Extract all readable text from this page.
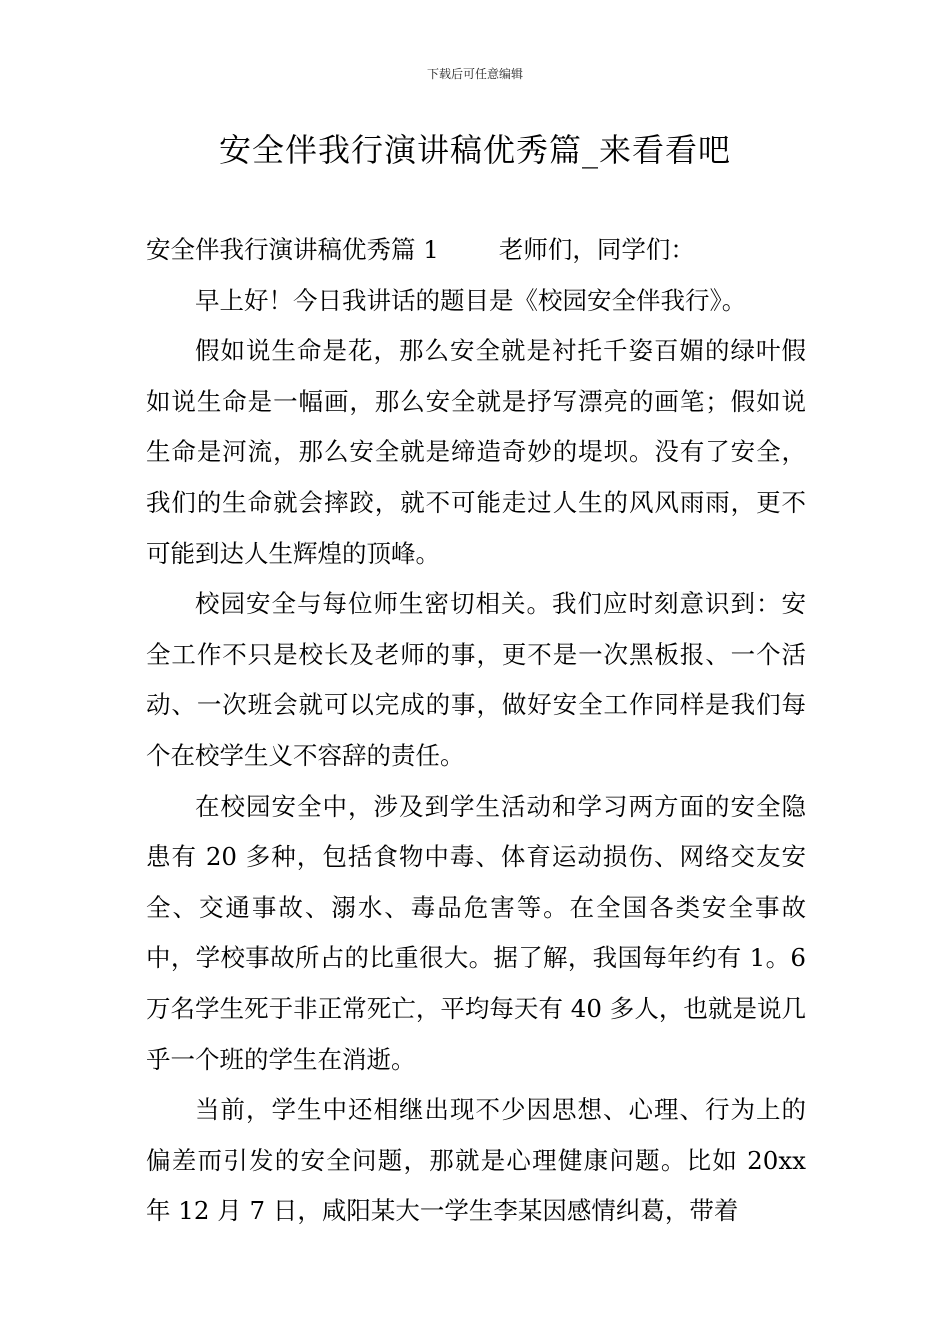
下载后可任意编辑
安全伴我行演讲稿优秀篇_来看看吧

安全伴我行演讲稿优秀篇 1 老师们，同学们：

早上好！今日我讲话的题目是《校园安全伴我行》。

假如说生命是花，那么安全就是衬托千姿百媚的绿叶假如说生命是一幅画，那么安全就是抒写漂亮的画笔；假如说生命是河流，那么安全就是缔造奇妙的堤坝。没有了安全，我们的生命就会摔跤，就不可能走过人生的风风雨雨，更不可能到达人生辉煌的顶峰。

校园安全与每位师生密切相关。我们应时刻意识到：安全工作不只是校长及老师的事，更不是一次黑板报、一个活动、一次班会就可以完成的事，做好安全工作同样是我们每个在校学生义不容辞的责任。

在校园安全中，涉及到学生活动和学习两方面的安全隐患有 20 多种，包括食物中毒、体育运动损伤、网络交友安全、交通事故、溺水、毒品危害等。在全国各类安全事故中，学校事故所占的比重很大。据了解，我国每年约有 1。6 万名学生死于非正常死亡，平均每天有 40 多人，也就是说几乎一个班的学生在消逝。

当前，学生中还相继出现不少因思想、心理、行为上的偏差而引发的安全问题，那就是心理健康问题。比如 20xx 年 12 月 7 日，咸阳某大一学生李某因感情纠葛，带着
